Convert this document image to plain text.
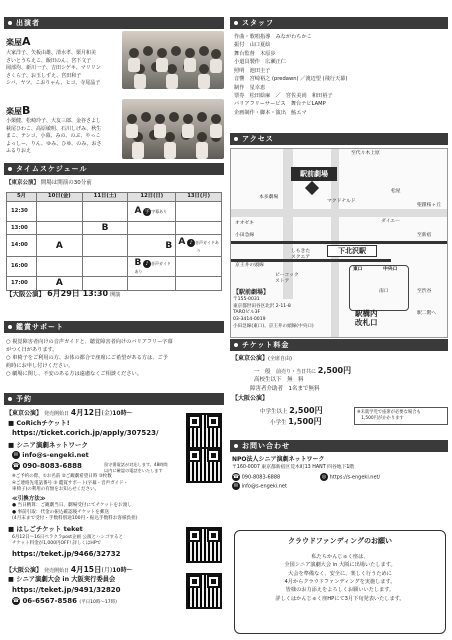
出演者
楽屋A
大家洋子、矢板由雄、清水孝、栗月和美
さいとうちえこ、飯田のん、宮下文子
岡部均、新川一子、吉田シゲキ、マリリン
さくら子、お玉しずえ、宮田和子
シバ、ヤツ、こおりゃん、ヒコ、寺尾晶子
楽屋B
小栗健、松崎玲子、大友三郎、金谷さよし
萩尾ひわこ、高原敏明、石川しげみ、秋生
まこ、テンコ、小幕、みの、のぶ、やっこ
よっしー、りん、ゆみ、ひゆ、のみ、おさ
ふるりおえ
タイムスケジュール
【東京公演】 開場は開演の30分前
5月	10日(金)	11日(土)	12日(日)	13日(月)
12:30			A 字 字幕あり	
13:00		B		
14:00	A		B	A ♪ 音声ガイドあり
16:00			B ♪ 音声ガイドあり	
17:00	A			
【大阪公演】 6月29日 13:30 開演
鑑賞サポート
○ 視覚障害者向けの音声ガイドと、聴覚障害者向けのバリアフリー字幕
がつく日があります。
○ 車椅子をご利用の方、お体の都合で座席にご希望がある方は、ご予
約時にお申し付けください。
○ 劇場に関し、不安のある方は遠慮なくご相談ください。
予約
【東京公演】 発売開始日 4月12日(金)10時〜
■ CoRichチケット!
https://ticket.corich.jp/apply/307523/
■ シニア演劇ネットワーク
✉ info@s-engeki.net
☎ 090-8083-6888	留守番電話が対応します。48時間
以内に確認の電話をいたします
※ご予約の際、①お名前 ②ご観劇希望日時 ③枚数
④ご連絡先電話番号 ⑤ 鑑賞サポート(字幕・音声ガイド・
車椅子)の利用の有無をお知らせください。
≪引換方法≫
● 当日精算：ご観劇当日、劇場受付にてチケットをお渡し
● 事前引取：代金の振込確認後チケットを郵送
(4月末まで受付・手数料別途100円・振込手数料お客様負担)
■ はしごチケット teket
6月12日〜16日ぺラクラpost企画 公演とハシゴすると
チケット料金が1,000円OFF! 詳しくはHPで
https://teket.jp/9466/32732
【大阪公演】 発売開始日 4月15日(月)10時〜
■ シニア演劇大会 in 大阪実行委員会
https://teket.jp/9491/32820
☎ 06-6567-8586 (平日10時〜17時)
スタッフ
作曲・歌唱指導　みながわちかこ
振付　山口夏絵
舞台監督　木原歩
小道具製作　広瀬正仁
照明　池田圭子
音響　宮崎裕之 (predawn) ／渡辺望 (飛行天幕)
制作　星幸恵
票券　松田絵麻　／　宮佐美尚　和田裕子
バリアフリーサービス　舞台ナビLAMP
企画制作・脚本・演出　鮎エマ
アクセス
駅前劇場
下北沢駅
マクドナルド
オオゼキ	ダイエー
本多劇場
松屋
小田急線
しもきた
スクエア
ピーコック
ストア
京王井の頭線
至新宿
至渋谷
聖蹟桜ヶ丘
至代々木上原
駅二階へ
東口	中央口
駅構内
改札口
南口
【駅前劇場】
〒155-0031
東京都世田谷区北沢 2-11-8
TAROビル3F
03-3414-0019
小田急線(東口)、京王井の頭線(中央口)
チケット料金
【東京公演】(全席自由)
一　般　 前売り・当日共に 2,500円
高校生以下　 無　料
障害者介助者　 1名まで無料
【大阪公演】
中学生以上 2,500円
小学生 1,500円
※未就学児で座席が必要な場合も
　1,500円がかかります
お問い合わせ
NPO法人シニア演劇ネットワーク
〒160-0007 東京都新宿区荒木町13 HANT 四谷地下1階
☎ 090-8083-6888	◎ https://s-engeki.net/
✉ info@s-engeki.net
クラウドファンディングのお願い
私たちかんじゅく座は、
全国シニア演劇大会 in 大阪に出場いたします。
大会を準備なく、安全に、楽しく行うために
4月からクラウドファンディングを実施します。
皆様のお力添えをよろしくお願いいたします。
詳しくはかんじゅく座HPにて3月下旬発表いたします。
